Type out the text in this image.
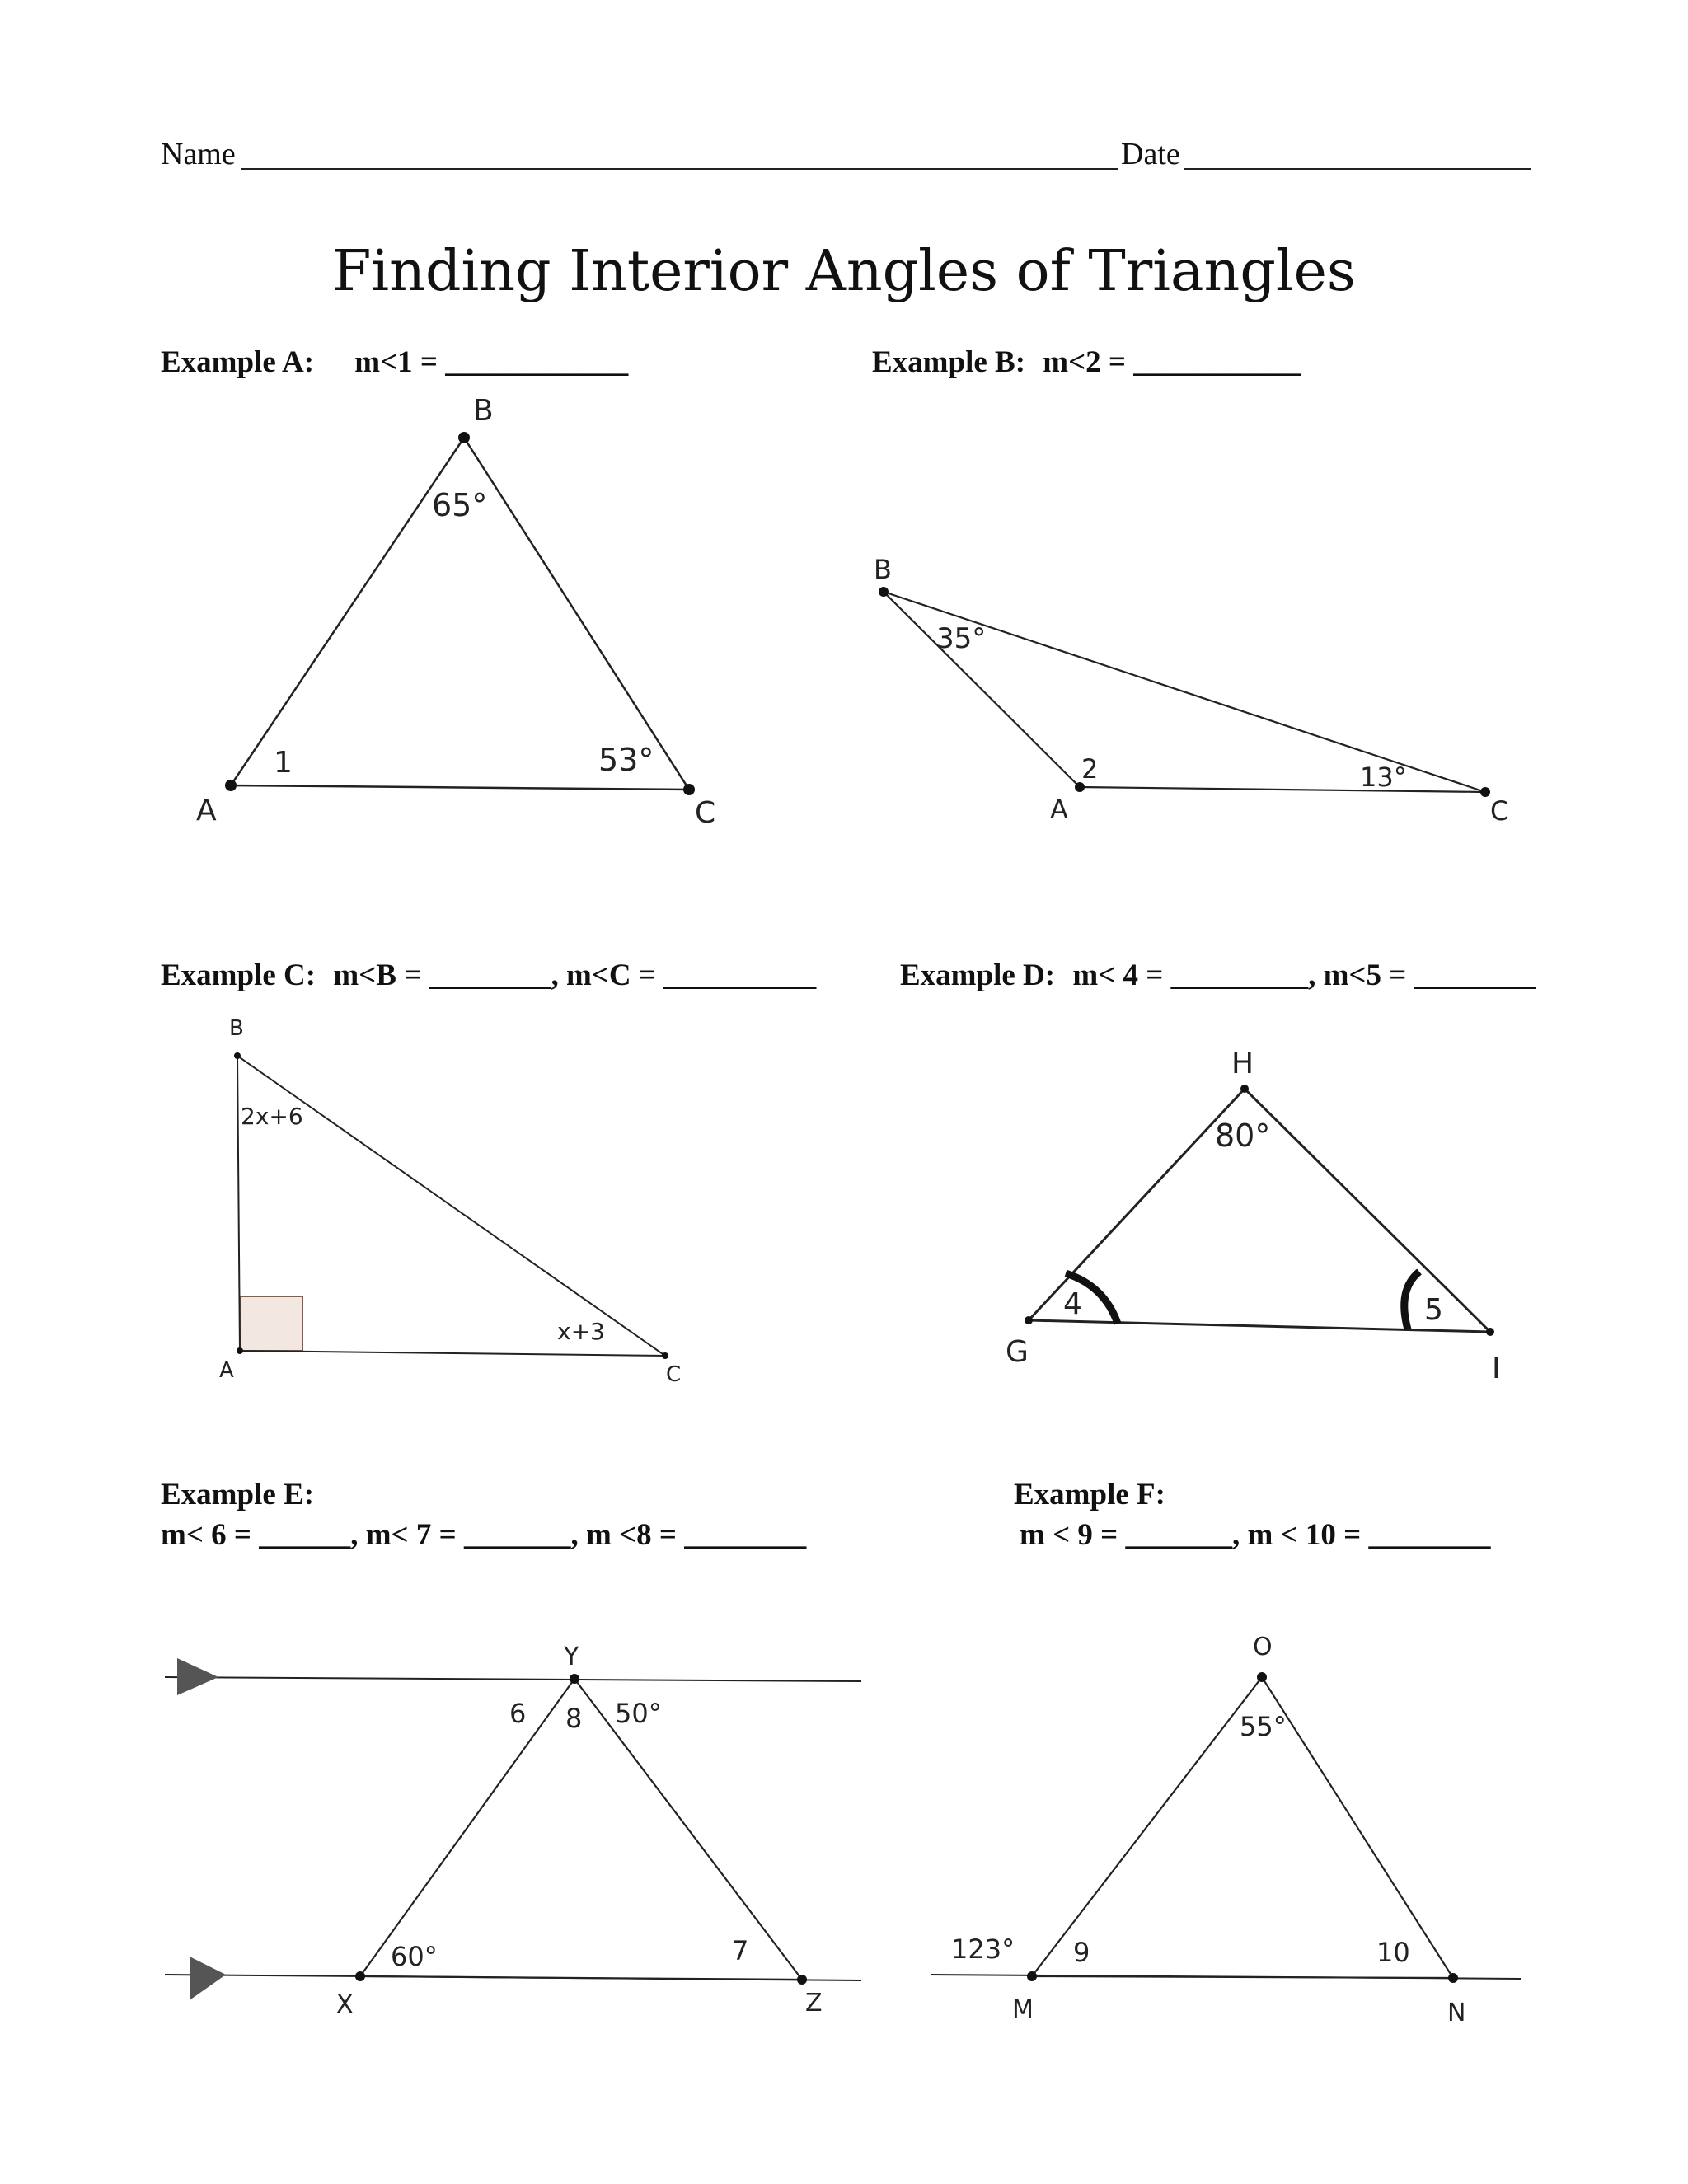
Name	Date
Finding Interior Angles of Triangles
Example A: m<1 = ____________	Example B: m<2 = ___________
Example C: m<B = ________, m<C = __________	Example D: m< 4 = _________, m<5 = ________
Example E:
m< 6 = ______, m< 7 = _______, m <8 = ________
Example F:
m < 9 = _______, m < 10 = ________
B
A	C
65°
1	53°
B
A	C
35°
2	13°
B
A	C
2x+6
x+3
H
G	I
80°
4	5
Y
X	Z
6 8 50°
60°	7
O
M	N
55°
123° 9	10
